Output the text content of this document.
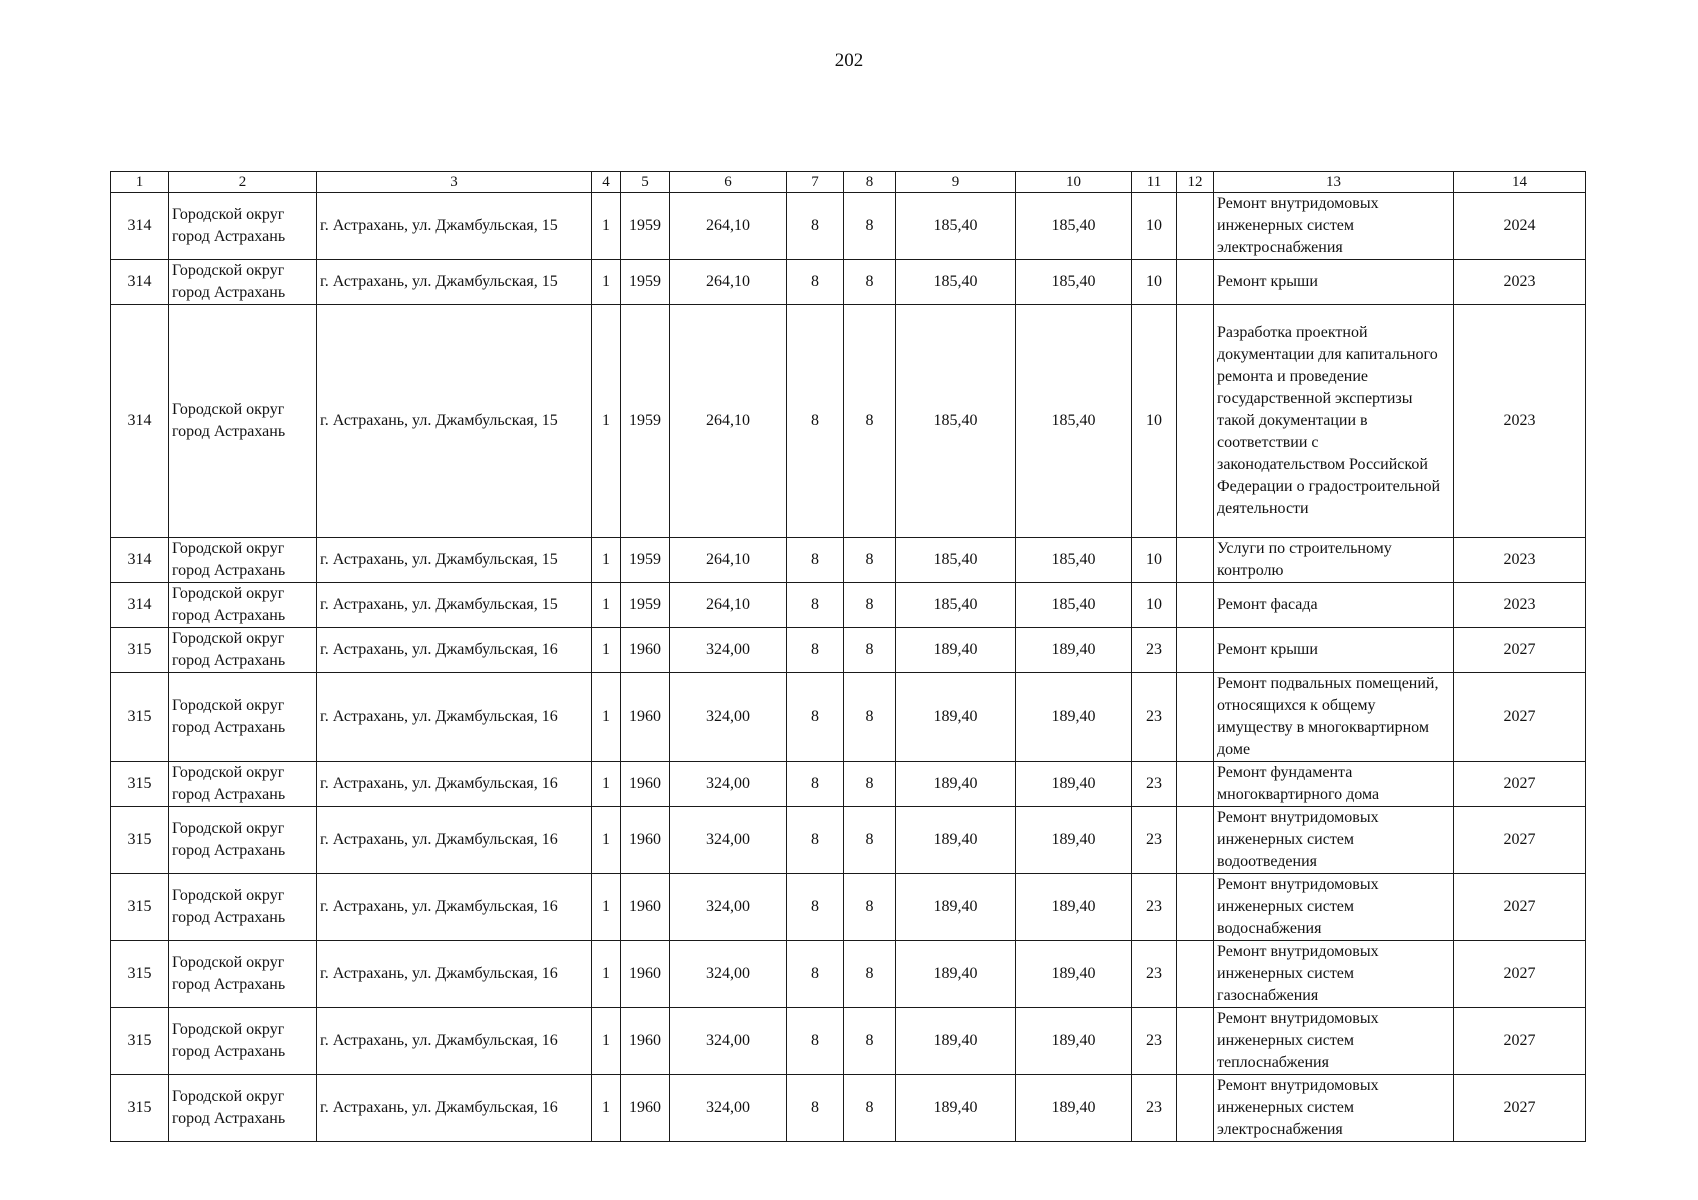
202
1	2	3	4	5	6	7	8	9	10	11	12	13	14
314	Городской округ город Астрахань	г. Астрахань, ул. Джамбульская, 15	1	1959	264,10	8	8	185,40	185,40	10		Ремонт внутридомовых инженерных систем электроснабжения	2024
314	Городской округ город Астрахань	г. Астрахань, ул. Джамбульская, 15	1	1959	264,10	8	8	185,40	185,40	10		Ремонт крыши	2023
314	Городской округ город Астрахань	г. Астрахань, ул. Джамбульская, 15	1	1959	264,10	8	8	185,40	185,40	10		Разработка проектной документации для капитального ремонта и проведение государственной экспертизы такой документации в соответствии с законодательством Российской Федерации о градостроительной деятельности	2023
314	Городской округ город Астрахань	г. Астрахань, ул. Джамбульская, 15	1	1959	264,10	8	8	185,40	185,40	10		Услуги по строительному контролю	2023
314	Городской округ город Астрахань	г. Астрахань, ул. Джамбульская, 15	1	1959	264,10	8	8	185,40	185,40	10		Ремонт фасада	2023
315	Городской округ город Астрахань	г. Астрахань, ул. Джамбульская, 16	1	1960	324,00	8	8	189,40	189,40	23		Ремонт крыши	2027
315	Городской округ город Астрахань	г. Астрахань, ул. Джамбульская, 16	1	1960	324,00	8	8	189,40	189,40	23		Ремонт подвальных помещений, относящихся к общему имуществу в многоквартирном доме	2027
315	Городской округ город Астрахань	г. Астрахань, ул. Джамбульская, 16	1	1960	324,00	8	8	189,40	189,40	23		Ремонт фундамента многоквартирного дома	2027
315	Городской округ город Астрахань	г. Астрахань, ул. Джамбульская, 16	1	1960	324,00	8	8	189,40	189,40	23		Ремонт внутридомовых инженерных систем водоотведения	2027
315	Городской округ город Астрахань	г. Астрахань, ул. Джамбульская, 16	1	1960	324,00	8	8	189,40	189,40	23		Ремонт внутридомовых инженерных систем водоснабжения	2027
315	Городской округ город Астрахань	г. Астрахань, ул. Джамбульская, 16	1	1960	324,00	8	8	189,40	189,40	23		Ремонт внутридомовых инженерных систем газоснабжения	2027
315	Городской округ город Астрахань	г. Астрахань, ул. Джамбульская, 16	1	1960	324,00	8	8	189,40	189,40	23		Ремонт внутридомовых инженерных систем теплоснабжения	2027
315	Городской округ город Астрахань	г. Астрахань, ул. Джамбульская, 16	1	1960	324,00	8	8	189,40	189,40	23		Ремонт внутридомовых инженерных систем электроснабжения	2027
